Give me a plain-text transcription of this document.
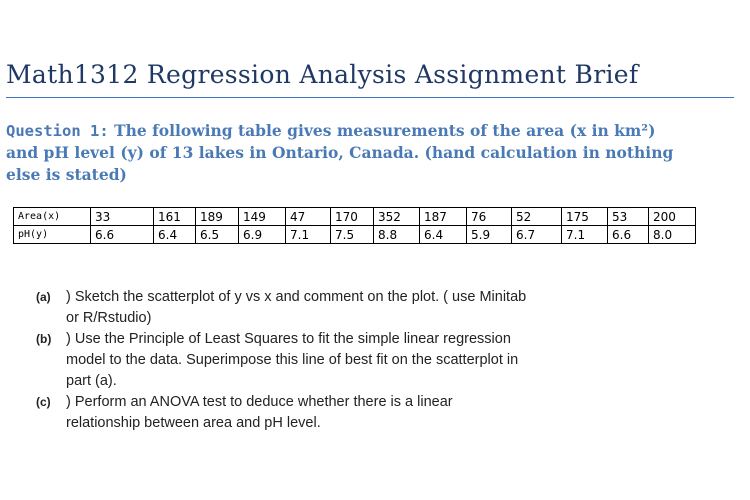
Math1312 Regression Analysis Assignment Brief
Question 1: The following table gives measurements of the area (x in km²)
and pH level (y) of 13 lakes in Ontario, Canada. (hand calculation in nothing
else is stated)
Area(x)	33	161	189	149	47	170	352	187	76	52	175	53	200
pH(y)	6.6	6.4	6.5	6.9	7.1	7.5	8.8	6.4	5.9	6.7	7.1	6.6	8.0
(a) ) Sketch the scatterplot of y vs x and comment on the plot. ( use Minitab
or R/Rstudio)
(b) ) Use the Principle of Least Squares to fit the simple linear regression
model to the data. Superimpose this line of best fit on the scatterplot in
part (a).
(c) ) Perform an ANOVA test to deduce whether there is a linear
relationship between area and pH level.
